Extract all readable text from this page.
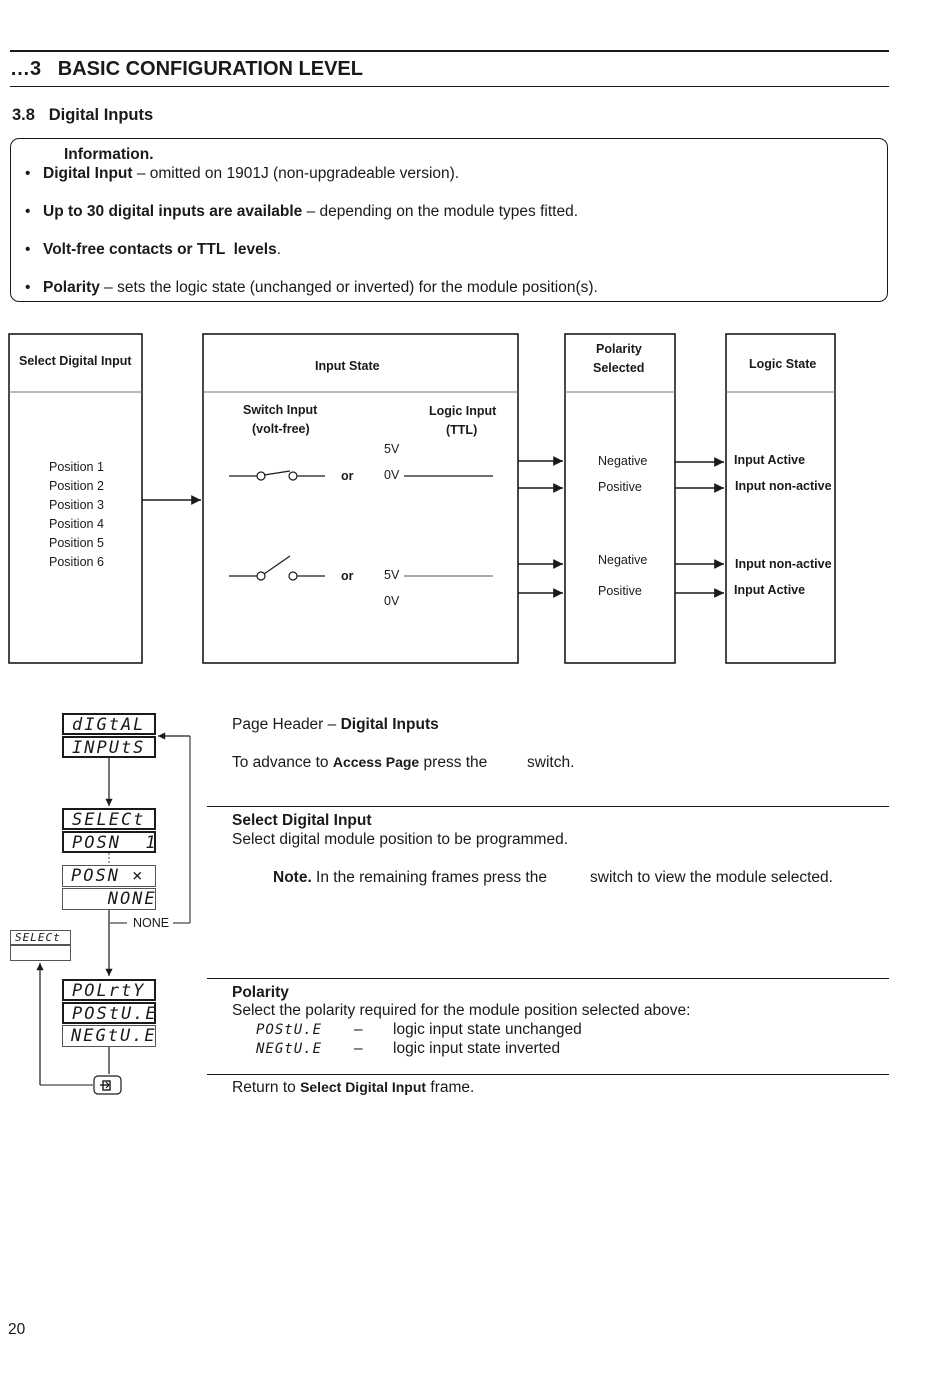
…3   BASIC CONFIGURATION LEVEL
3.8   Digital Inputs
Information.
• Digital Input – omitted on 1901J (non-upgradeable version).
• Up to 30 digital inputs are available – depending on the module types fitted.
• Volt-free contacts or TTL  levels.
• Polarity – sets the logic state (unchanged or inverted) for the module position(s).
Select Digital Input
Position 1
Position 2
Position 3
Position 4
Position 5
Position 6
Input State
Switch Input
(volt-free)
Logic Input
(TTL)
5V
0V
or
or 5V
0V
Polarity
Selected
Negative
Positive
Negative
Positive
Logic State
Input Active
Input non-active
Input non-active
Input Active
dIGtAL
INPUtS
SELECt
POSN  1
POSN ×
NONE
NONE
SELECt
POLrtY
POStU.E
NEGtU.E
Page Header – Digital Inputs
To advance to Access Page press the	switch.
Select Digital Input
Select digital module position to be programmed.
Note. In the remaining frames press the	switch to view the module selected.
Polarity
Select the polarity required for the module position selected above:
POStU.E – logic input state unchanged
NEGtU.E – logic input state inverted
Return to Select Digital Input frame.
20
